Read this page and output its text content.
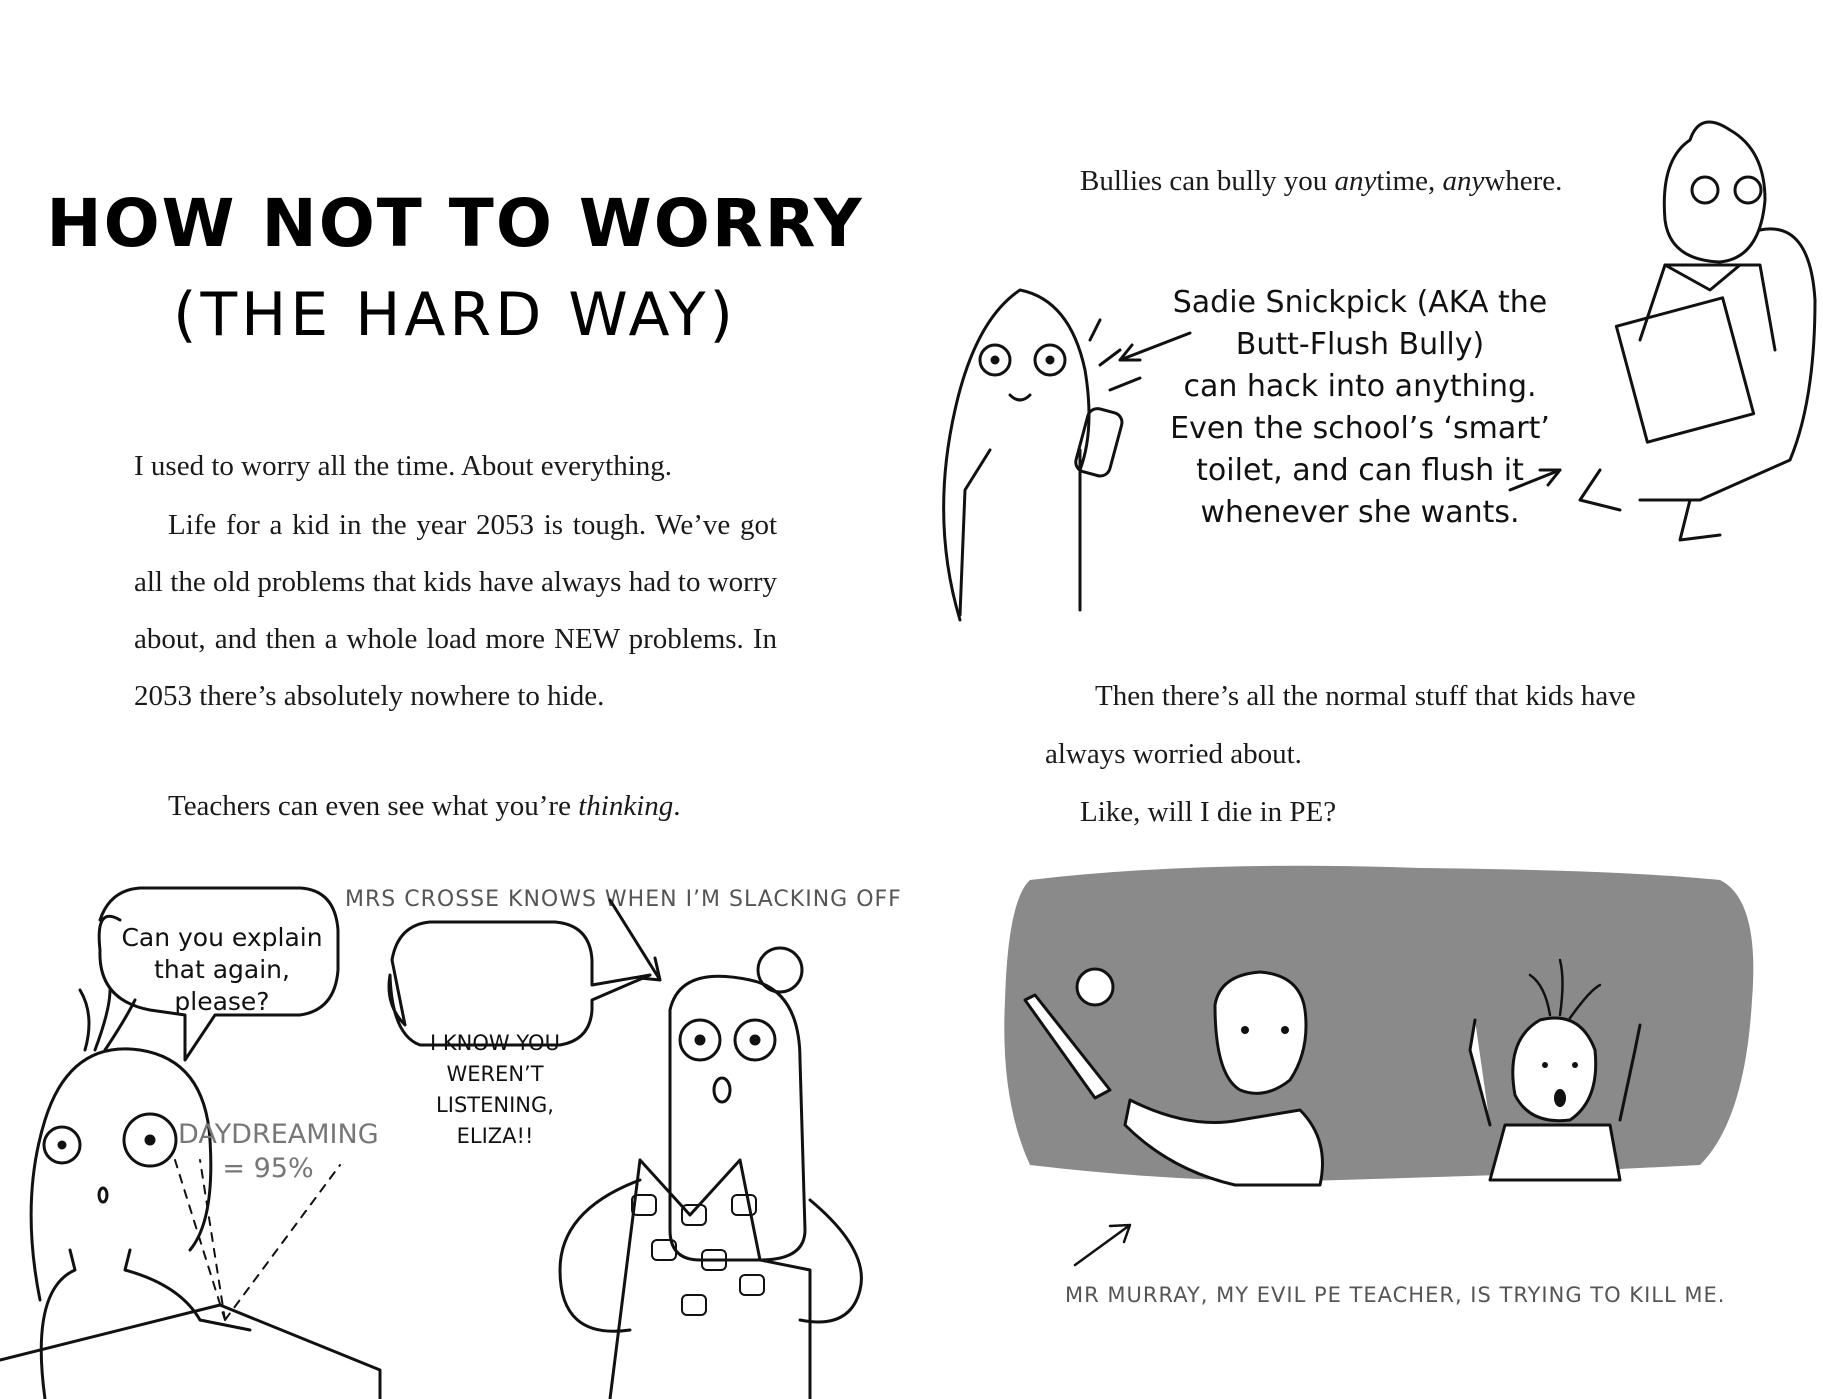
HOW NOT TO WORRY
(THE HARD WAY)
I used to worry all the time. About everything.
Life for a kid in the year 2053 is tough. We’ve got all the old problems that kids have always had to worry about, and then a whole load more NEW problems. In 2053 there’s absolutely nowhere to hide.
Teachers can even see what you’re thinking.
MRS CROSSE KNOWS WHEN I’M SLACKING OFF
Can you explain
that again, please?
I KNOW YOU
WEREN’T
LISTENING,
ELIZA!!
DAYDREAMING
= 95%
Bullies can bully you anytime, anywhere.
Sadie Snickpick (AKA the
Butt-Flush Bully)
can hack into anything.
Even the school’s ‘smart’
toilet, and can flush it
whenever she wants.
Then there’s all the normal stuff that kids have
always worried about.
Like, will I die in PE?
MR MURRAY, MY EVIL PE TEACHER, IS TRYING TO KILL ME.
